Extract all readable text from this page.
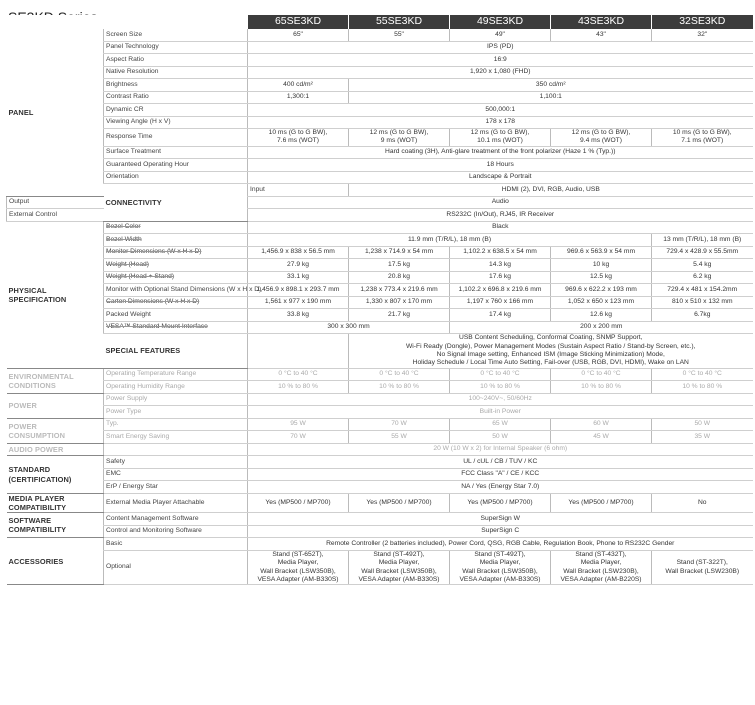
		65SE3KD	55SE3KD	49SE3KD	43SE3KD	32SE3KD
PANEL	Screen Size	65"	55"	49"	43"	32"
	Panel Technology	IPS (PD)				
	Aspect Ratio	16:9				
	Native Resolution	1,920 x 1,080 (FHD)				
	Brightness	400 cd/m²	350 cd/m²			
	Contrast Ratio	1,300:1	1,100:1			
	Dynamic CR	500,000:1				
	Viewing Angle (H x V)	178 x 178				
	Response Time	10 ms (G to G BW),
7.6 ms (WOT)	12 ms (G to G BW),
9 ms (WOT)	12 ms (G to G BW),
10.1 ms (WOT)	12 ms (G to G BW),
9.4 ms (WOT)	10 ms (G to G BW),
7.1 ms (WOT)
	Surface Treatment	Hard coating (3H), Anti-glare treatment of the front polarizer (Haze 1 % (Typ.))				
	Guaranteed Operating Hour	18 Hours				
	Orientation	Landscape & Portrait				
	CONNECTIVITY	Input	HDMI (2), DVI, RGB, Audio, USB			
Output		Audio				
External Control		RS232C (In/Out), RJ45, IR Receiver				
PHYSICAL
SPECIFICATION	Bezel Color	Black				
	Bezel Width	11.9 mm (T/R/L), 18 mm (B)				13 mm (T/R/L), 18 mm (B)
	Monitor Dimensions (W x H x D)	1,456.9 x 838 x 56.5 mm	1,238 x 714.9 x 54 mm	1,102.2 x 638.5 x 54 mm	969.6 x 563.9 x 54 mm	729.4 x 428.9 x 55.5mm
	Weight (Head)	27.9 kg	17.5 kg	14.3 kg	10 kg	5.4 kg
	Weight (Head + Stand)	33.1 kg	20.8 kg	17.6 kg	12.5 kg	6.2 kg
	Monitor with Optional Stand Dimensions (W x H x D)	1,456.9 x 898.1 x 293.7 mm	1,238 x 773.4 x 219.6 mm	1,102.2 x 696.8 x 219.6 mm	969.6 x 622.2 x 193 mm	729.4 x 481 x 154.2mm
	Carton Dimensions (W x H x D)	1,561 x 977 x 190 mm	1,330 x 807 x 170 mm	1,197 x 760 x 166 mm	1,052 x 650 x 123 mm	810 x 510 x 132 mm
	Packed Weight	33.8 kg	21.7 kg	17.4 kg	12.6 kg	6.7kg
	VESA™ Standard Mount Interface	300 x 300 mm		200 x 200 mm		
	SPECIAL FEATURES		USB Content Scheduling, Conformal Coating, SNMP Support,
Wi-Fi Ready (Dongle), Power Management Modes (Sustain Aspect Ratio / Stand-by Screen, etc.),
No Signal Image setting, Enhanced ISM (Image Sticking Minimization) Mode,
Holiday Schedule / Local Time Auto Setting, Fail-over (USB, RGB, DVI, HDMI), Wake on LAN			
ENVIRONMENTAL
CONDITIONS	Operating Temperature Range	0 °C to 40 °C	0 °C to 40 °C	0 °C to 40 °C	0 °C to 40 °C	0 °C to 40 °C
	Operating Humidity Range	10 % to 80 %	10 % to 80 %	10 % to 80 %	10 % to 80 %	10 % to 80 %
POWER	Power Supply	100~240V~, 50/60Hz				
	Power Type	Built-in Power				
POWER
CONSUMPTION	Typ.	95 W	70 W	65 W	60 W	50 W
	Smart Energy Saving	70 W	55 W	50 W	45 W	35 W
AUDIO POWER		20 W (10 W x 2) for Internal Speaker (6 ohm)				
STANDARD
(CERTIFICATION)	Safety	UL / cUL / CB / TUV / KC				
	EMC	FCC Class "A" / CE / KCC				
	ErP / Energy Star	NA / Yes (Energy Star 7.0)				
MEDIA PLAYER
COMPATIBILITY	External Media Player Attachable	Yes (MP500 / MP700)	Yes (MP500 / MP700)	Yes (MP500 / MP700)	Yes (MP500 / MP700)	No
SOFTWARE
COMPATIBILITY	Content Management Software	SuperSign W				
	Control and Monitoring Software	SuperSign C				
ACCESSORIES	Basic	Remote Controller (2 batteries included), Power Cord, QSG, RGB Cable, Regulation Book, Phone to RS232C Gender				
	Optional	Stand (ST-652T),
Media Player,
Wall Bracket (LSW350B),
VESA Adapter (AM-B330S)	Stand (ST-492T),
Media Player,
Wall Bracket (LSW350B),
VESA Adapter (AM-B330S)	Stand (ST-492T),
Media Player,
Wall Bracket (LSW350B),
VESA Adapter (AM-B330S)	Stand (ST-432T),
Media Player,
Wall Bracket (LSW230B),
VESA Adapter (AM-B220S)	Stand (ST-322T),
Wall Bracket (LSW230B)
